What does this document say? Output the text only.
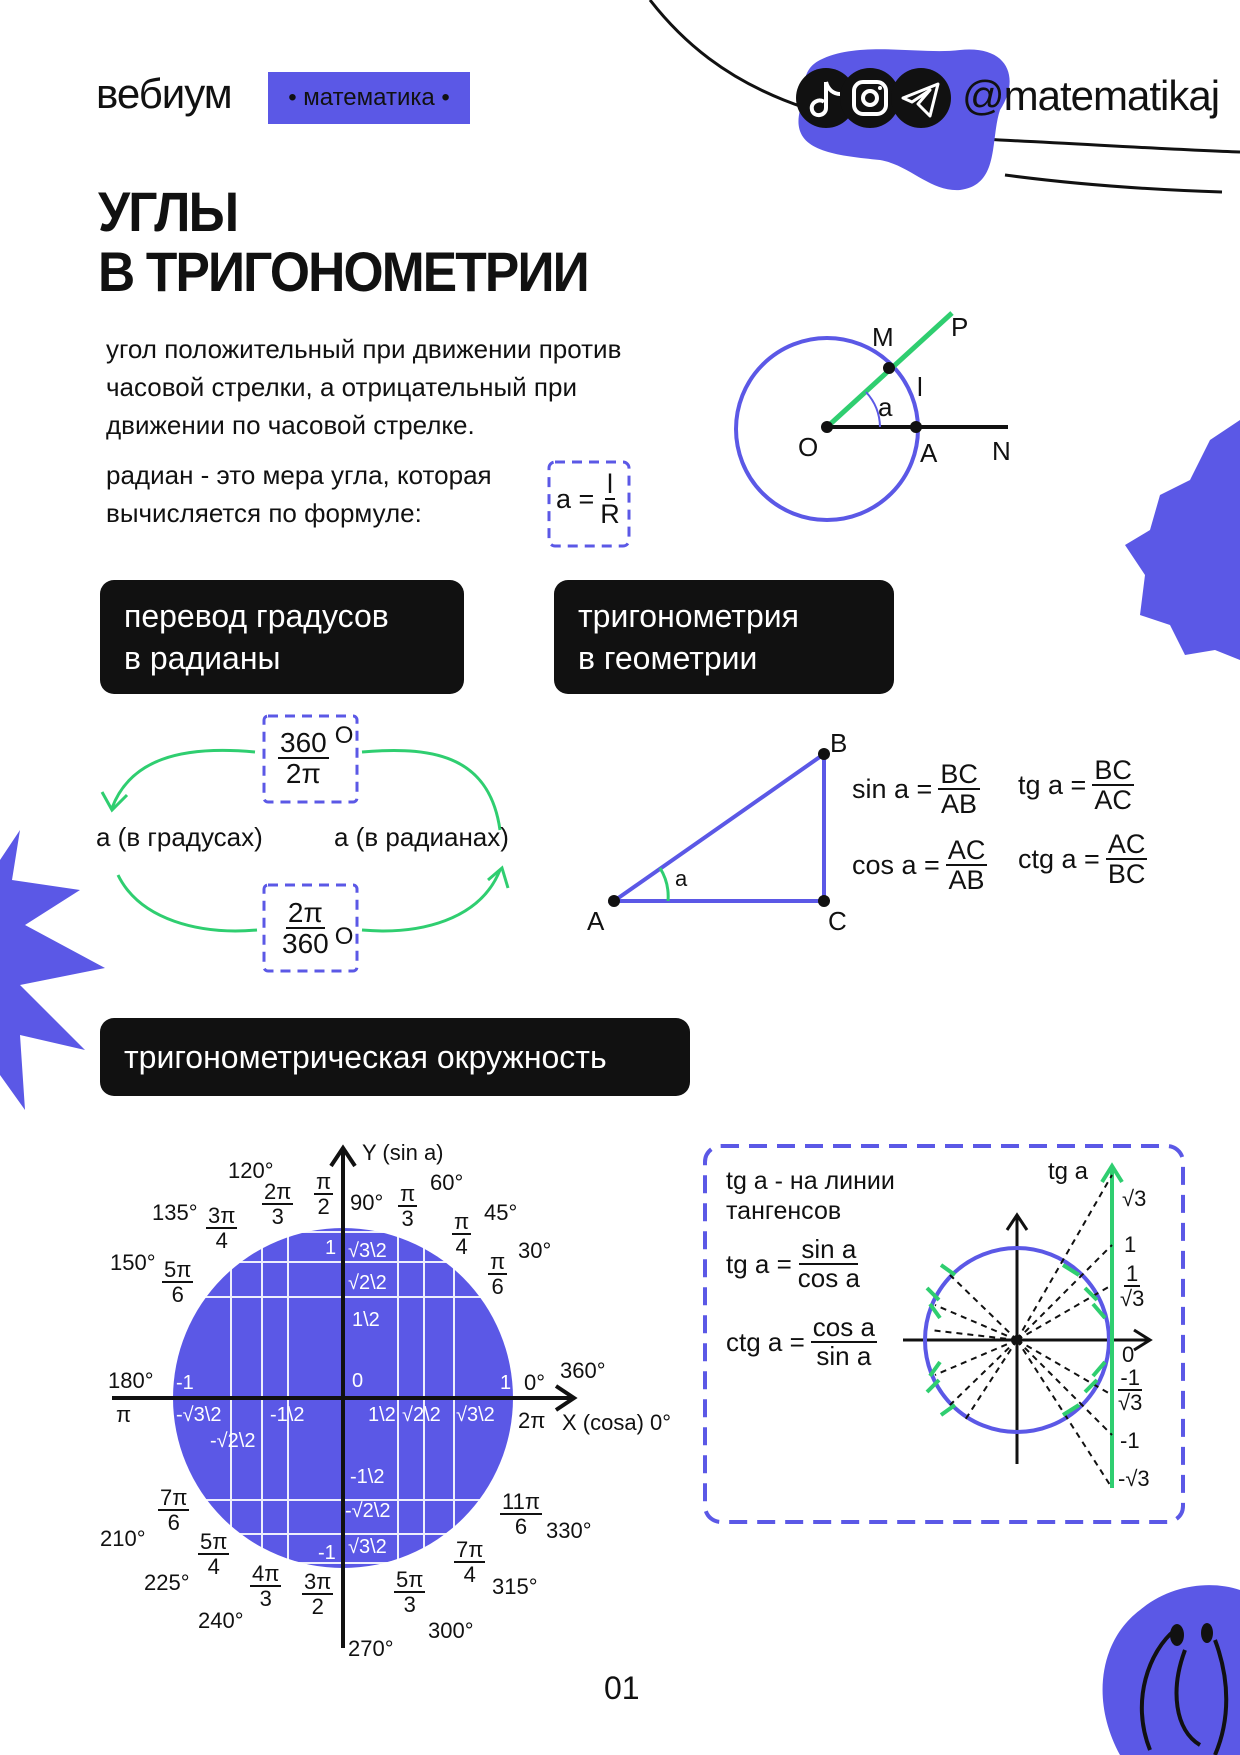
вебиум	• математика •	@matematikaj
УГЛЫ
В ТРИГОНОМЕТРИИ
угол положительный при движении против часовой стрелки, а отрицательный при движении по часовой стрелке.
радиан - это мера угла, которая вычисляется по формуле:	$a = \frac{l}{R}$
M P
l
a
O	A N
перевод градусов
в радианы
тригонометрия
в геометрии
a (в градусах)	a (в радианах)
$\frac{360}{2\pi}$ O
$\frac{2\pi}{360}$ O
A
B
C
a
$\sin a = \frac{BC}{AB}$ tg $a = \frac{BC}{AC}$
$\cos a = \frac{AC}{AB}$ ctg $a = \frac{AC}{BC}$
тригонометрическая окружность
Y (sin a)
X (cosa) 0°
1 √3\2
√2\2
1\2
-1\2
-√2\2
√3\2
-1
0	1
-1
1\2 √2\2 √3\2
-√3\2
-√2\2
-1\2
90°
$\frac{\pi}{2}$	60°
$\frac{\pi}{3}$	45°
$\frac{\pi}{4} 30^\circ$
$\frac{\pi}{6}$
120°
$\frac{2\pi}{3}$
$135^\circ \frac{3\pi}{4}$
$150^\circ \frac{5\pi}{6}$
210°
$\frac{7\pi}{6}$
225°
$\frac{5\pi}{4}$
240°
$\frac{4\pi}{3}$
270°
$\frac{3\pi}{2}$
300°
$\frac{5\pi}{3}$	315°
$\frac{7\pi}{4}$
330°
$\frac{11\pi}{6}$
0° 360°
2π
180°
π
tg a - на линии
тангенсов
tg $a = \frac{\text{sin a}}{\text{cos a}}$
ctg $a = \frac{\text{cos a}}{\text{sin a}}$
tg a
√3
1
$\frac{1}{√3}$
0
$\frac{-1}{√3}$
-1
-√3
01
